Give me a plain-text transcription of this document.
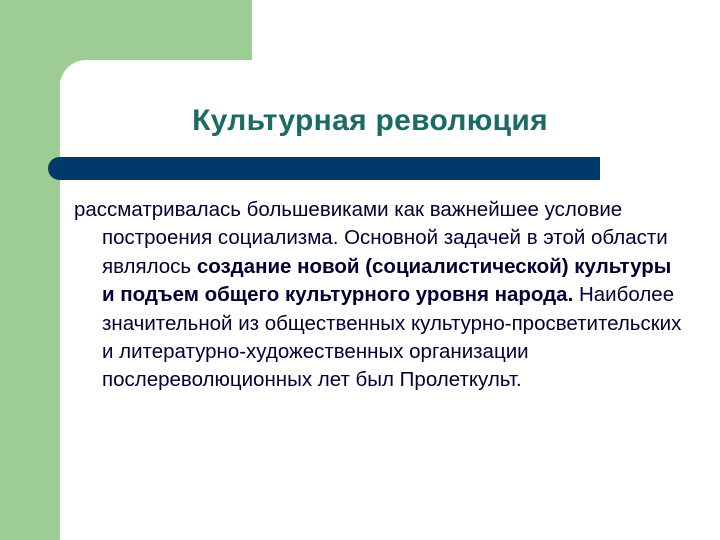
Культурная революция

рассматривалась большевиками как важнейшее условие построения социализма. Основной задачей в этой области являлось создание новой (социалистической) культуры и подъем общего культурного уровня народа. Наиболее значительной из общественных культурно-просветительских и литературно-художественных организации послереволюционных лет был Пролеткульт.
